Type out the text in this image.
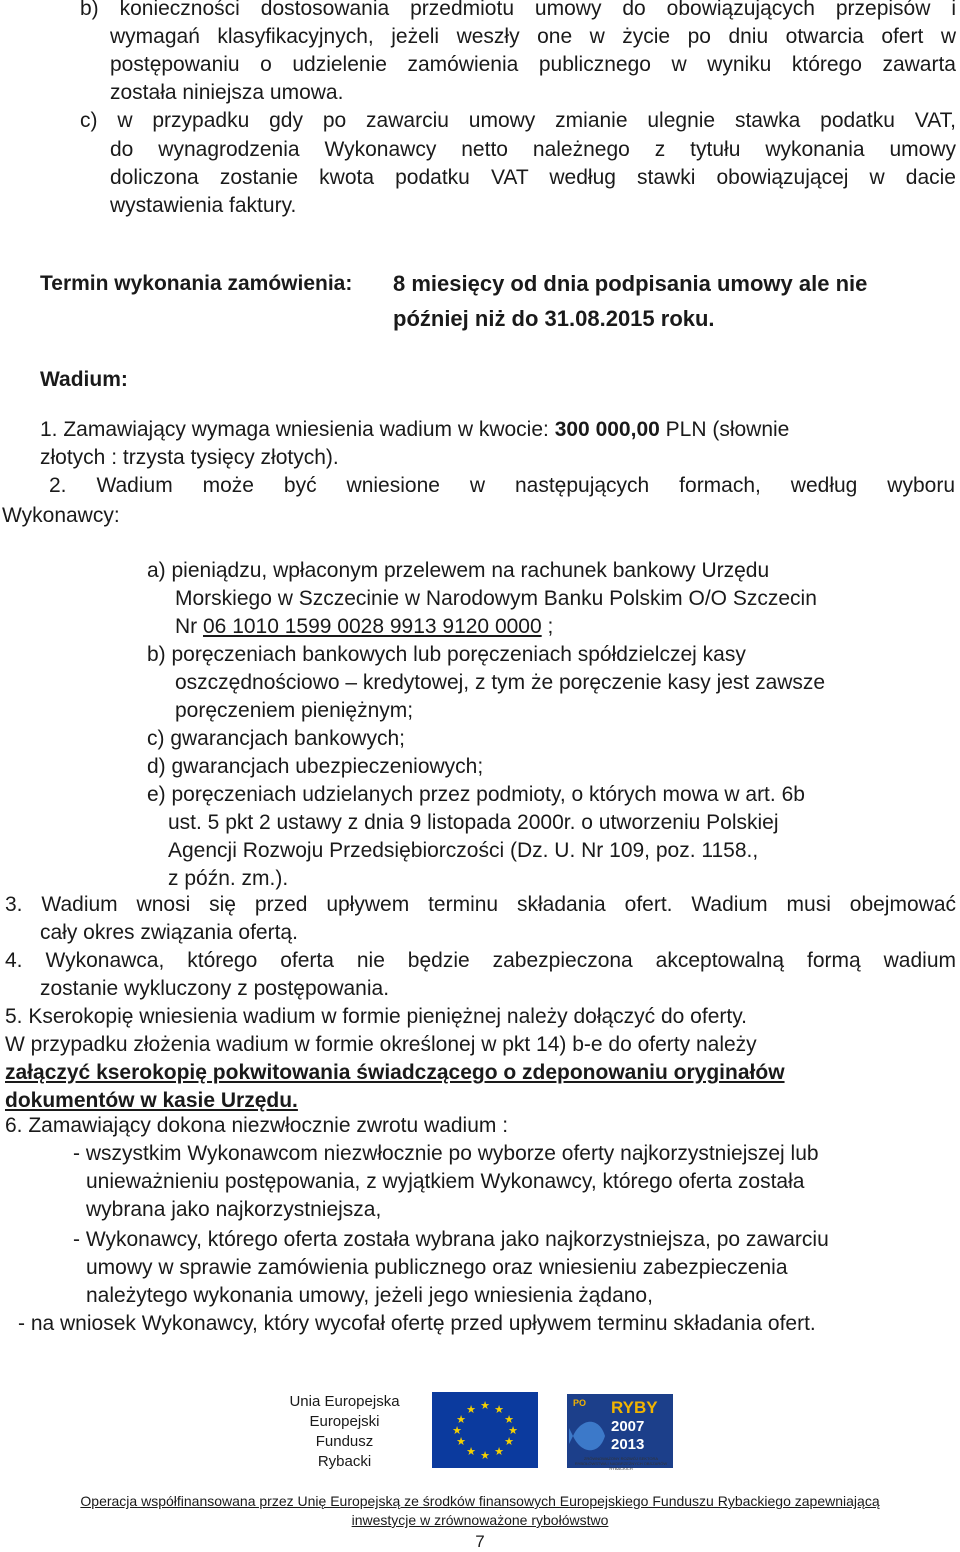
b) konieczności dostosowania przedmiotu umowy do obowiązujących przepisów i
wymagań klasyfikacyjnych, jeżeli weszły one w życie po dniu otwarcia ofert w
postępowaniu o udzielenie zamówienia publicznego w wyniku którego zawarta
została niniejsza umowa.
c) w przypadku gdy po zawarciu umowy zmianie ulegnie stawka podatku VAT,
do wynagrodzenia Wykonawcy netto należnego z tytułu wykonania umowy
doliczona zostanie kwota podatku VAT według stawki obowiązującej w dacie
wystawienia faktury.
Termin wykonania zamówienia: 8 miesięcy od dnia podpisania umowy ale nie
później niż do 31.08.2015 roku.
Wadium:
1. Zamawiający wymaga wniesienia wadium w kwocie: 300 000,00 PLN (słownie
złotych : trzysta tysięcy złotych).
2. Wadium może być wniesione w następujących formach, według wyboru
Wykonawcy:
a) pieniądzu, wpłaconym przelewem na rachunek bankowy Urzędu
Morskiego w Szczecinie w Narodowym Banku Polskim O/O Szczecin
Nr 06 1010 1599 0028 9913 9120 0000 ;
b) poręczeniach bankowych lub poręczeniach spółdzielczej kasy
oszczędnościowo – kredytowej, z tym że poręczenie kasy jest zawsze
poręczeniem pieniężnym;
c) gwarancjach bankowych;
d) gwarancjach ubezpieczeniowych;
e) poręczeniach udzielanych przez podmioty, o których mowa w art. 6b
ust. 5 pkt 2 ustawy z dnia 9 listopada 2000r. o utworzeniu Polskiej
Agencji Rozwoju Przedsiębiorczości (Dz. U. Nr 109, poz. 1158.,
z późn. zm.).
3. Wadium wnosi się przed upływem terminu składania ofert. Wadium musi obejmować
cały okres związania ofertą.
4. Wykonawca, którego oferta nie będzie zabezpieczona akceptowalną formą wadium
zostanie wykluczony z postępowania.
5. Kserokopię wniesienia wadium w formie pieniężnej należy dołączyć do oferty.
W przypadku złożenia wadium w formie określonej w pkt 14) b-e do oferty należy
załączyć kserokopię pokwitowania świadczącego o zdeponowaniu oryginałów
dokumentów w kasie Urzędu.
6. Zamawiający dokona niezwłocznie zwrotu wadium :
- wszystkim Wykonawcom niezwłocznie po wyborze oferty najkorzystniejszej lub
unieważnieniu postępowania, z wyjątkiem Wykonawcy, którego oferta została
wybrana jako najkorzystniejsza,
- Wykonawcy, którego oferta została wybrana jako najkorzystniejsza, po zawarciu
umowy w sprawie zamówienia publicznego oraz wniesieniu zabezpieczenia
należytego wykonania umowy, jeżeli jego wniesienia żądano,
- na wniosek Wykonawcy, który wycofał ofertę przed upływem terminu składania ofert.
Unia Europejska
Europejski
Fundusz
Rybacki
★ ★
★
★
★
★
★
★
★
★
★
★	PO RYBY
2007
2013
ZRÓWNOWAŻONY ROZWÓJ SEKTORA RYBOŁÓWSTWA I NADBRZEŻNYCH OBSZARÓW RYBACKICH
Operacja współfinansowana przez Unię Europejską ze środków finansowych Europejskiego Funduszu Rybackiego zapewniającą
inwestycje w zrównoważone rybołówstwo
7
